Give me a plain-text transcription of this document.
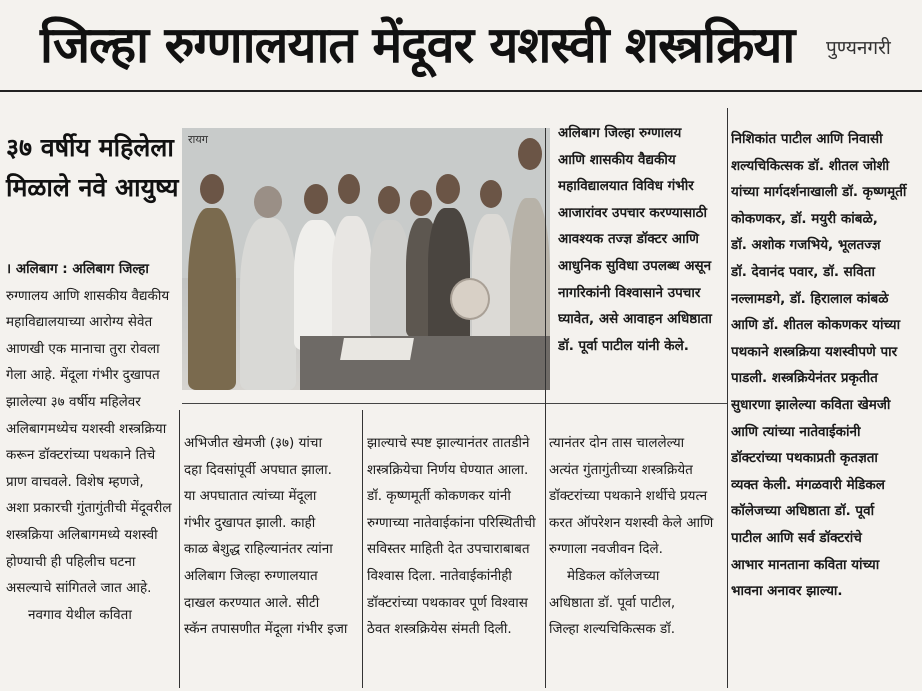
जिल्हा रुग्णालयात मेंदूवर यशस्वी शस्त्रक्रिया	पुण्यनगरी
३७ वर्षीय महिलेला
मिळाले नवे आयुष्य
रायग
। अलिबाग : अलिबाग जिल्हा
रुग्णालय आणि शासकीय वैद्यकीय
महाविद्यालयाच्या आरोग्य सेवेत
आणखी एक मानाचा तुरा रोवला
गेला आहे. मेंदूला गंभीर दुखापत
झालेल्या ३७ वर्षीय महिलेवर
अलिबागमध्येच यशस्वी शस्त्रक्रिया
करून डॉक्टरांच्या पथकाने तिचे
प्राण वाचवले. विशेष म्हणजे,
अशा प्रकारची गुंतागुंतीची मेंदूवरील
शस्त्रक्रिया अलिबागमध्ये यशस्वी
होण्याची ही पहिलीच घटना
असल्याचे सांगितले जात आहे.
नवगाव येथील कविता
अभिजीत खेमजी (३७) यांचा
दहा दिवसांपूर्वी अपघात झाला.
या अपघातात त्यांच्या मेंदूला
गंभीर दुखापत झाली. काही
काळ बेशुद्ध राहिल्यानंतर त्यांना
अलिबाग जिल्हा रुग्णालयात
दाखल करण्यात आले. सीटी
स्कॅन तपासणीत मेंदूला गंभीर इजा
झाल्याचे स्पष्ट झाल्यानंतर तातडीने
शस्त्रक्रियेचा निर्णय घेण्यात आला.
डॉ. कृष्णमूर्ती कोकणकर यांनी
रुग्णाच्या नातेवाईकांना परिस्थितीची
सविस्तर माहिती देत उपचाराबाबत
विश्वास दिला. नातेवाईकांनीही
डॉक्टरांच्या पथकावर पूर्ण विश्वास
ठेवत शस्त्रक्रियेस संमती दिली.
अलिबाग जिल्हा रुग्णालय
आणि शासकीय वैद्यकीय
महाविद्यालयात विविध गंभीर
आजारांवर उपचार करण्यासाठी
आवश्यक तज्ज्ञ डॉक्टर आणि
आधुनिक सुविधा उपलब्ध असून
नागरिकांनी विश्वासाने उपचार
घ्यावेत, असे आवाहन अधिष्ठाता
डॉ. पूर्वा पाटील यांनी केले.
त्यानंतर दोन तास चाललेल्या
अत्यंत गुंतागुंतीच्या शस्त्रक्रियेत
डॉक्टरांच्या पथकाने शर्थीचे प्रयत्न
करत ऑपरेशन यशस्वी केले आणि
रुग्णाला नवजीवन दिले.
मेडिकल कॉलेजच्या
अधिष्ठाता डॉ. पूर्वा पाटील,
जिल्हा शल्यचिकित्सक डॉ.
निशिकांत पाटील आणि निवासी
शल्यचिकित्सक डॉ. शीतल जोशी
यांच्या मार्गदर्शनाखाली डॉ. कृष्णमूर्ती
कोकणकर, डॉ. मयुरी कांबळे,
डॉ. अशोक गजभिये, भूलतज्ज्ञ
डॉ. देवानंद पवार, डॉ. सविता
नल्लामडगे, डॉ. हिरालाल कांबळे
आणि डॉ. शीतल कोकणकर यांच्या
पथकाने शस्त्रक्रिया यशस्वीपणे पार
पाडली. शस्त्रक्रियेनंतर प्रकृतीत
सुधारणा झालेल्या कविता खेमजी
आणि त्यांच्या नातेवाईकांनी
डॉक्टरांच्या पथकाप्रती कृतज्ञता
व्यक्त केली. मंगळवारी मेडिकल
कॉलेजच्या अधिष्ठाता डॉ. पूर्वा
पाटील आणि सर्व डॉक्टरांचे
आभार मानताना कविता यांच्या
भावना अनावर झाल्या.
